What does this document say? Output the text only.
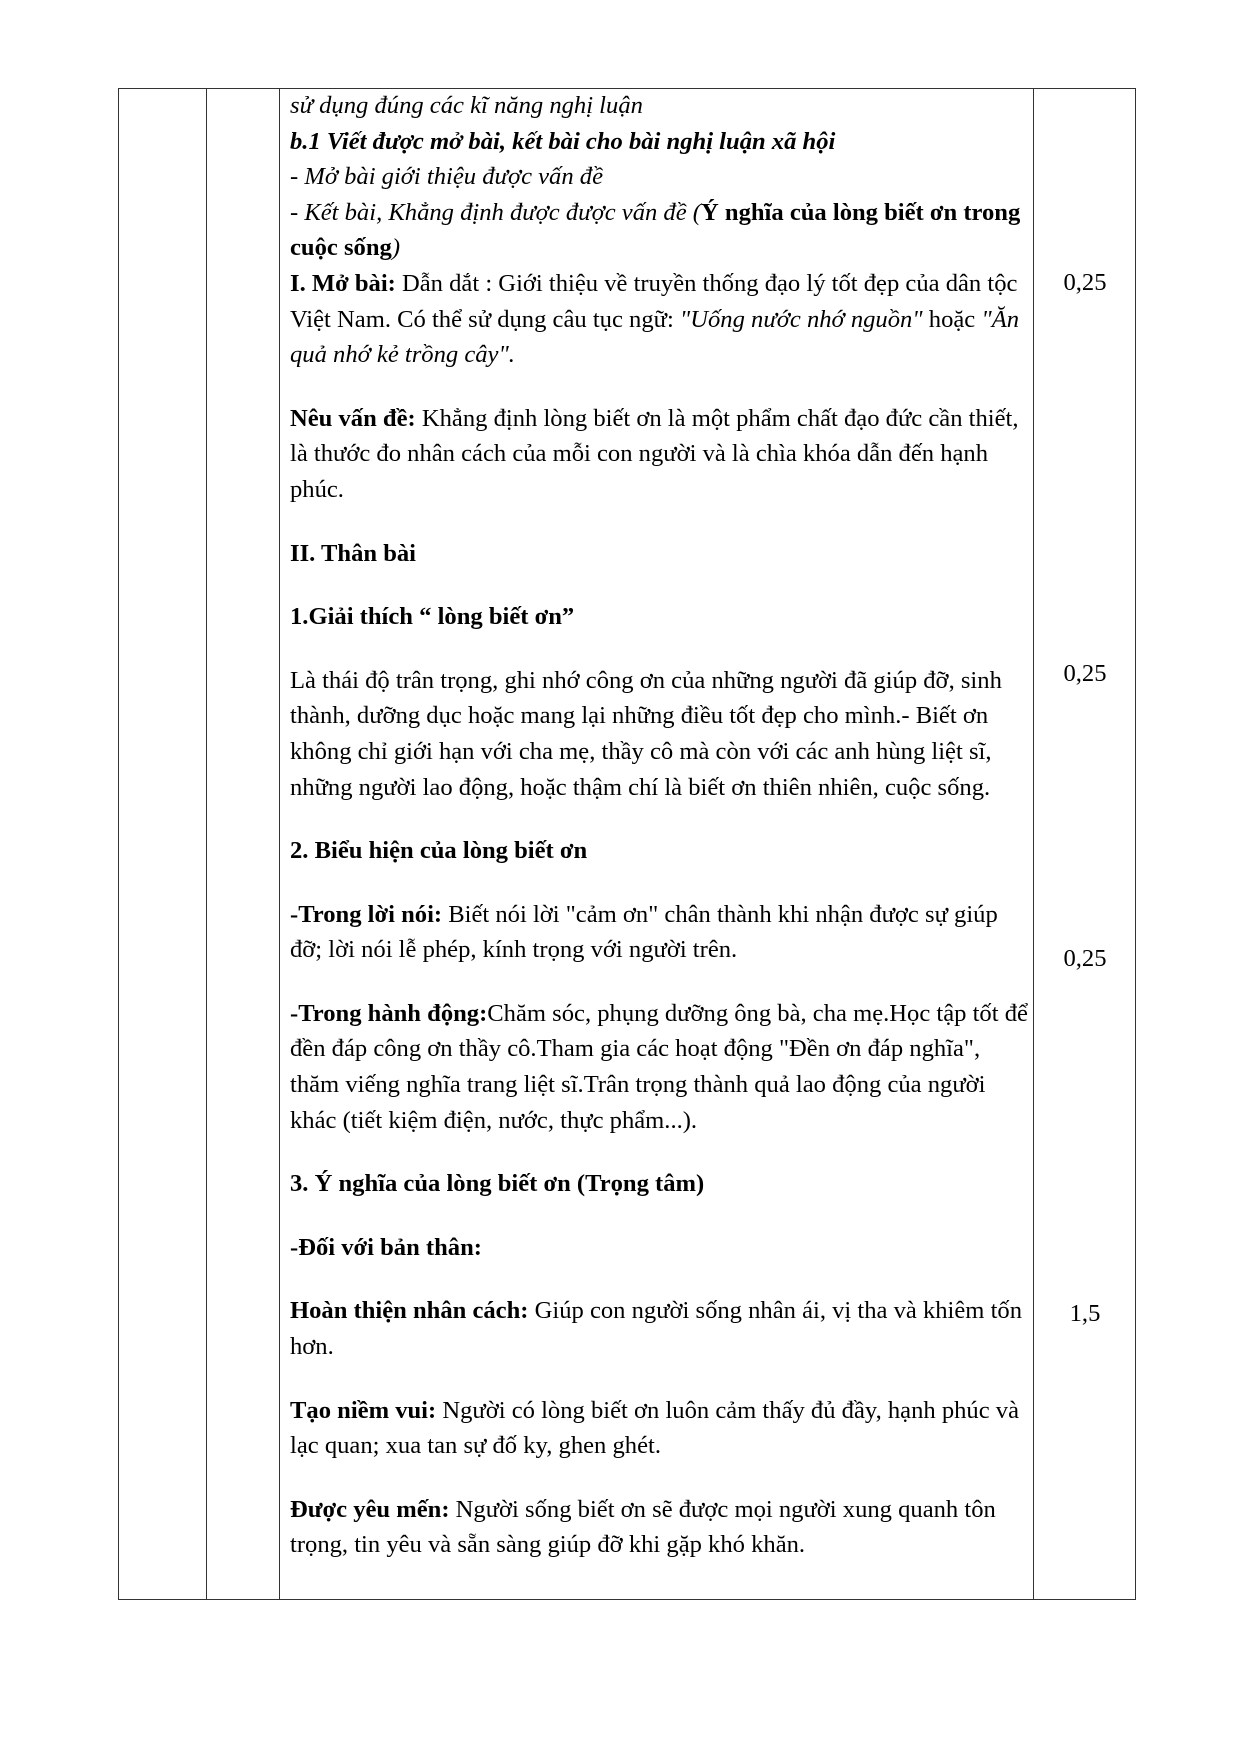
sử dụng đúng các kĩ năng nghị luận

b.1 Viết được mở bài, kết bài cho bài nghị luận xã hội

- Mở bài giới thiệu được vấn đề

- Kết bài, Khẳng định được được vấn đề (Ý nghĩa của lòng biết ơn trong cuộc sống)

I. Mở bài: Dẫn dắt : Giới thiệu về truyền thống đạo lý tốt đẹp của dân tộc Việt Nam. Có thể sử dụng câu tục ngữ: "Uống nước nhớ nguồn" hoặc "Ăn quả nhớ kẻ trồng cây".

Nêu vấn đề: Khẳng định lòng biết ơn là một phẩm chất đạo đức cần thiết, là thước đo nhân cách của mỗi con người và là chìa khóa dẫn đến hạnh phúc.

II. Thân bài

1.Giải thích “ lòng biết ơn”

Là thái độ trân trọng, ghi nhớ công ơn của những người đã giúp đỡ, sinh thành, dưỡng dục hoặc mang lại những điều tốt đẹp cho mình.- Biết ơn không chỉ giới hạn với cha mẹ, thầy cô mà còn với các anh hùng liệt sĩ, những người lao động, hoặc thậm chí là biết ơn thiên nhiên, cuộc sống.

2. Biểu hiện của lòng biết ơn

-Trong lời nói: Biết nói lời "cảm ơn" chân thành khi nhận được sự giúp đỡ; lời nói lễ phép, kính trọng với người trên.

-Trong hành động:Chăm sóc, phụng dưỡng ông bà, cha mẹ.Học tập tốt để đền đáp công ơn thầy cô.Tham gia các hoạt động "Đền ơn đáp nghĩa", thăm viếng nghĩa trang liệt sĩ.Trân trọng thành quả lao động của người khác (tiết kiệm điện, nước, thực phẩm...).

3. Ý nghĩa của lòng biết ơn (Trọng tâm)

-Đối với bản thân:

Hoàn thiện nhân cách: Giúp con người sống nhân ái, vị tha và khiêm tốn hơn.

Tạo niềm vui: Người có lòng biết ơn luôn cảm thấy đủ đầy, hạnh phúc và lạc quan; xua tan sự đố ky, ghen ghét.

Được yêu mến: Người sống biết ơn sẽ được mọi người xung quanh tôn trọng, tin yêu và sẵn sàng giúp đỡ khi gặp khó khăn.

0,25
0,25
0,25
1,5
